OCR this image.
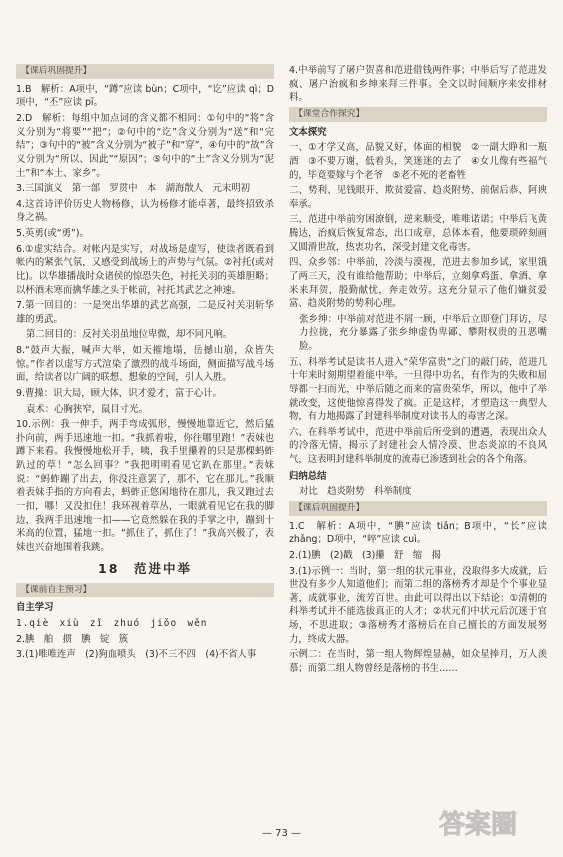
【课后巩固提升】

1.B　解析：A项中，“蹲”应读 bùn；C项中，“讫”应读 qì；D项中，“丕”应读 pī。

2.D　解析：每组中加点词的含义都不相同：①句中的“将”含义分别为“将要”“把”；②句中的“讫”含义分别为“送”和“完结”；③句中的“被”含义分别为“被子”和“穿”，④句中的“故”含义分别为“所以、因此”“原因”；⑤句中的“土”含义分别为“泥土”和“本土、家乡”。

3.三国演义　第一部　罗贯中　本　湖海散人　元末明初

4.这首诗评价历史人物杨修，认为杨修才能卓著，最终招致杀身之祸。

5.英勇(或“勇”)。

6.①虚实结合。对帐内是实写，对战场是虚写，使读者既看到帐内的紧张气氛，又感受到战场上的声势与气氛。②衬托(或对比)。以华雄播战时众诸侯的惊恐失色，衬托关羽的英雄胆略；以杯酒未寒而擒华雄之头于帐前，衬托其武艺之神速。

7.第一回目的：一是突出华雄的武艺高强，二是反衬关羽斩华雄的勇武。

第二回目的：反衬关羽虽地位卑微，却不同凡响。

8.“鼓声大振，喊声大举，如天摧地塌，岳撼山崩，众皆失惊。”作者以虚写方式渲染了激烈的战斗场面，侧面描写战斗场面，给读者以广阔的联想、想象的空间，引人入胜。

9.曹操：识大局，顾大体，识才爱才，富于心计。

袁术：心胸狭窄，鼠目寸光。

10.示例：我一伸手，两手弯成弧形，慢慢地靠近它，然后猛扑向前，两手迅速地一扣。“我抓着啦，你往哪里跑！”表妹也蹲下来看。我慢慢地松开手，咦，我手里攥着的只是那棵蚂蚱趴过的草！“怎么回事？”我把明明看见它趴在那里。”表妹说：“蚂蚱蹦了出去，你没注意罢了，那不，它在那儿。”我顺着表妹手指的方向看去，蚂蚱正悠闲地待在那儿，我又跑过去一扣，哪！又没扣住！我环视着草丛，一眼就看见它在我的脚边，我两手迅速地一扣——它竟然躲在我的手掌之中，蹦到十米高的位置，猛地一扣。“抓住了，抓住了！”我高兴极了，表妹也兴奋地围着我跳。

18　范进中举
【课前自主预习】
自主学习

1.qiè　xiù　zǐ　zhuó　jiǒo　wěn

2.腆　舶　掼　腆　锭　簇

3.(1)唯唯连声　(2)狗血喷头　(3)不三不四　(4)不省人事

4.中举前写了屠户贺喜和范进借钱两件事；中举后写了范进发疯、屠户治疯和乡绅来拜三件事。全文以时间顺序来安排材料。

【课堂合作探究】
文本探究

一、①才学又高，品貌又好，体面的相貌　②一副大睁和一瓶酒　③不要万谢，低着头，笑迷迷的去了　④女儿像有些福气的，毕竟要嫁与个老爷　⑤老不死的老畜牲

二、势利、见钱眼开、欺贫爱富、趋炎附势、前倨后恭、阿谀奉承。

三、范进中举前穷困潦倒，逆来顺受，唯唯诺诺；中举后飞黄腾达，治疯后恢复常态，出口成章，总体本看，他要琐碎刻画又圆滑世故，热衷功名，深受封建文化毒害。

四、众乡邻：中举前，冷淡与漠视，范进去参加乡试，家里饿了两三天，没有谁给他帮助；中举后，立刻拿鸡蛋、拿酒、拿米来拜贺，殷勤献忧，奔走效劳。这充分显示了他们嫌贫爱富、趋炎附势的势利心理。

张乡绅：中举前对范进不屑一顾，中举后立即登门拜访，尽力拉拢，充分暴露了张乡绅虚伪卑鄙、攀附权贵的丑恶嘴脸。

五、科举考试是读书人进入“荣华富贵”之门的敲门砖，范进几十年来时刻期望着能中举。一旦得中功名，有作为的失败和屈辱都一扫而光，中举后随之而来的富贵荣华，所以，他中了举就改变，这使他惊喜得发了疯。正是这样，才塑造这一典型人物，有力地揭露了封建科举制度对读书人的毒害之深。

六、在科举考试中，范进中举前后所受到的遭遇，表现出众人的冷落无情，揭示了封建社会人情冷漠、世态炎凉的不良风气，这表明封建科举制度的流毒已渗透到社会的各个角落。

归纳总结

对比　趋炎附势　科举制度

【课后巩固提升】

1.C　解析：A项中，“腆”应读 tiǎn；B项中，“长”应读 zhǎng；D项中，“啐”应读 cuì。

2.(1)腆　(2)戳　(3)攥　舒　缩　揭

3.(1)示例一：当时，第一组的状元事业，没取得多大成就，后世没有多少人知道他们；而第二组的落榜秀才却是个个事业显著，成就事业，流芳百世。由此可以得出以下结论：①清朝的科举考试并不能选拔真正的人才；②状元们中状元后沉迷于官场，不思进取；③落榜秀才落榜后在自己擅长的方面发展努力，终成大器。

示例二：在当时，第一组人物辉煌显赫，如众星捧月，万人羡慕；而第二组人物曾经是落榜的书生……

— 73 —	答案圈
